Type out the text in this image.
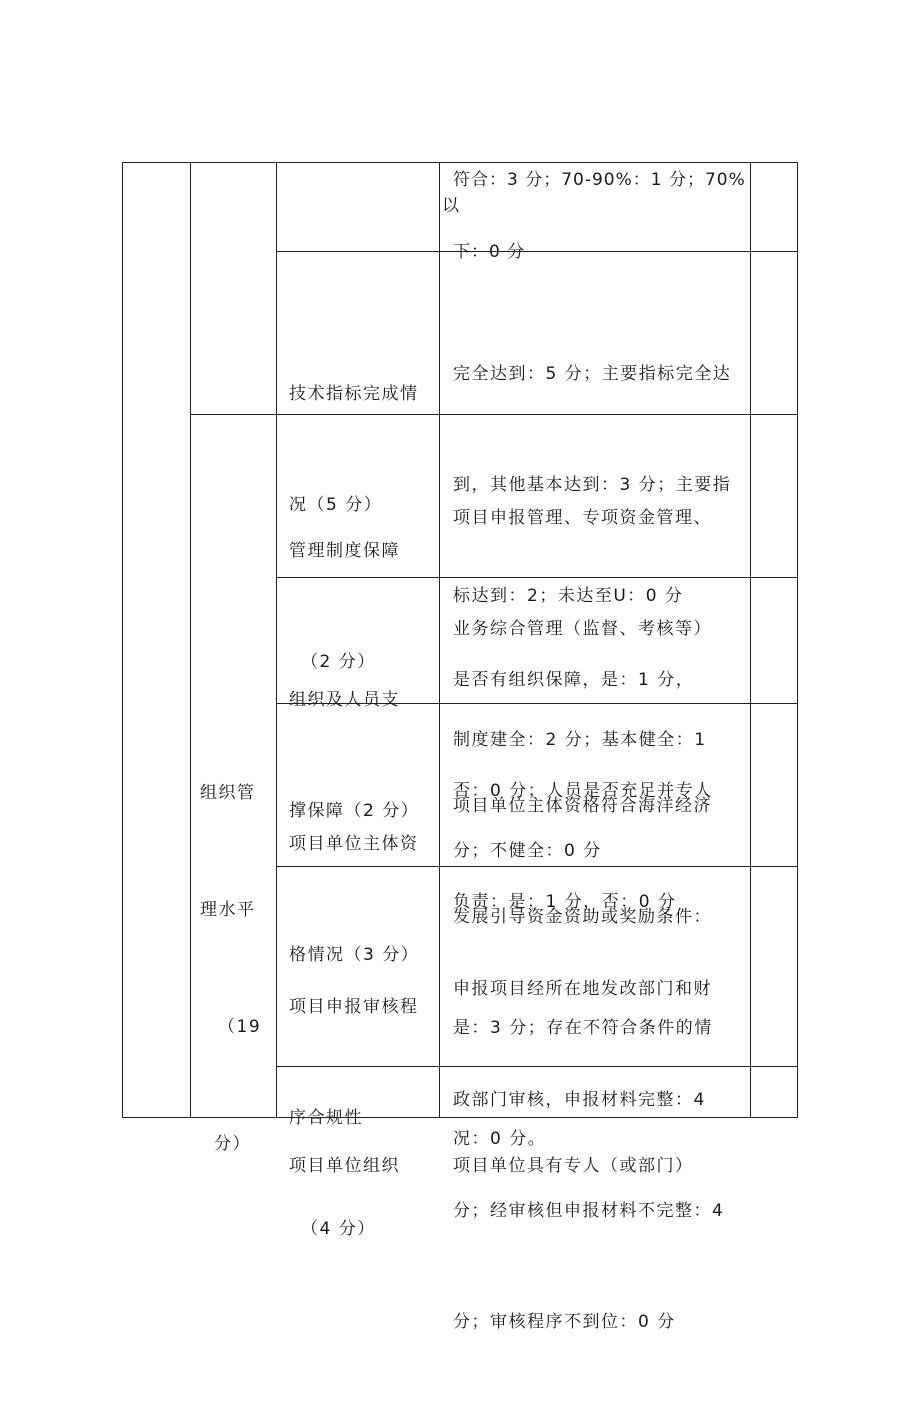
组织管

理水平

（19

分）

符合：3 分；70-90%：1 分；70%

以

下：0 分

技术指标完成情

况（5 分）

完全达到：5 分；主要指标完全达

到，其他基本达到：3 分；主要指

标达到：2；未达至U：0 分

管理制度保障

（2 分）

项目申报管理、专项资金管理、

业务综合管理（监督、考核等）

制度建全：2 分；基本健全：1

分；不健全：0 分

组织及人员支

撑保障（2 分）

是否有组织保障，是：1 分，

否：0 分；人员是否充足并专人

负责：是：1 分，否：0 分

项目单位主体资

格情况（3 分）

项目单位主体资格符合海洋经济

发展引导资金资助或奖励条件：

是：3 分；存在不符合条件的情

况：0 分。

项目申报审核程

序合规性

（4 分）

申报项目经所在地发改部门和财

政部门审核，申报材料完整：4

分；经审核但申报材料不完整：4

分；审核程序不到位：0 分

项目单位组织

	项目单位具有专人（或部门）
